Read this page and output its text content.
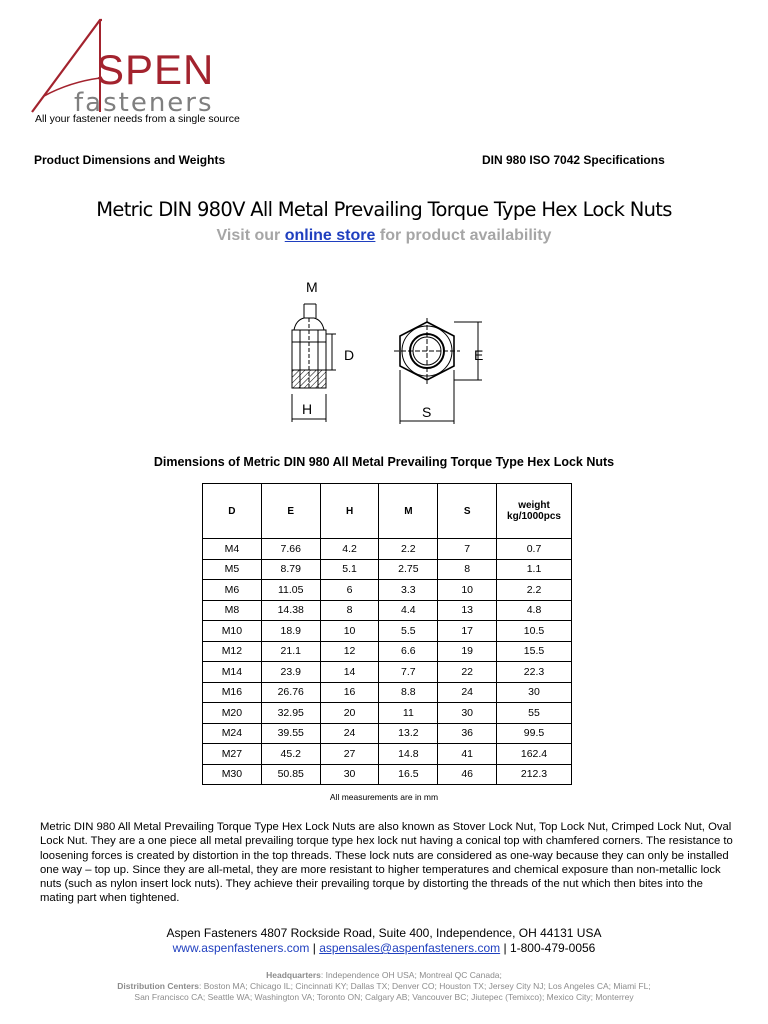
SPEN
fasteners
All your fastener needs from a single source
Product Dimensions and Weights	DIN 980 ISO 7042 Specifications
Metric DIN 980V All Metal Prevailing Torque Type Hex Lock Nuts
Visit our online store for product availability
M
D
H
E
S
Dimensions of Metric DIN 980 All Metal Prevailing Torque Type Hex Lock Nuts
D	E	H	M	S	weight
kg/1000pcs
M4	7.66	4.2	2.2	7	0.7
M5	8.79	5.1	2.75	8	1.1
M6	11.05	6	3.3	10	2.2
M8	14.38	8	4.4	13	4.8
M10	18.9	10	5.5	17	10.5
M12	21.1	12	6.6	19	15.5
M14	23.9	14	7.7	22	22.3
M16	26.76	16	8.8	24	30
M20	32.95	20	11	30	55
M24	39.55	24	13.2	36	99.5
M27	45.2	27	14.8	41	162.4
M30	50.85	30	16.5	46	212.3
All measurements are in mm
Metric DIN 980 All Metal Prevailing Torque Type Hex Lock Nuts are also known as Stover Lock Nut, Top Lock Nut, Crimped Lock Nut, Oval Lock Nut. They are a one piece all metal prevailing torque type hex lock nut having a conical top with chamfered corners. The resistance to loosening forces is created by distortion in the top threads. These lock nuts are considered as one-way because they can only be installed one way – top up. Since they are all-metal, they are more resistant to higher temperatures and chemical exposure than non-metallic lock nuts (such as nylon insert lock nuts). They achieve their prevailing torque by distorting the threads of the nut which then bites into the mating part when tightened.
Aspen Fasteners 4807 Rockside Road, Suite 400, Independence, OH 44131 USA
www.aspenfasteners.com | aspensales@aspenfasteners.com | 1-800-479-0056
Headquarters: Independence OH USA; Montreal QC Canada;
Distribution Centers: Boston MA; Chicago IL; Cincinnati KY; Dallas TX; Denver CO; Houston TX; Jersey City NJ; Los Angeles CA; Miami FL;
San Francisco CA; Seattle WA; Washington VA; Toronto ON; Calgary AB; Vancouver BC; Jiutepec (Temixco); Mexico City; Monterrey
